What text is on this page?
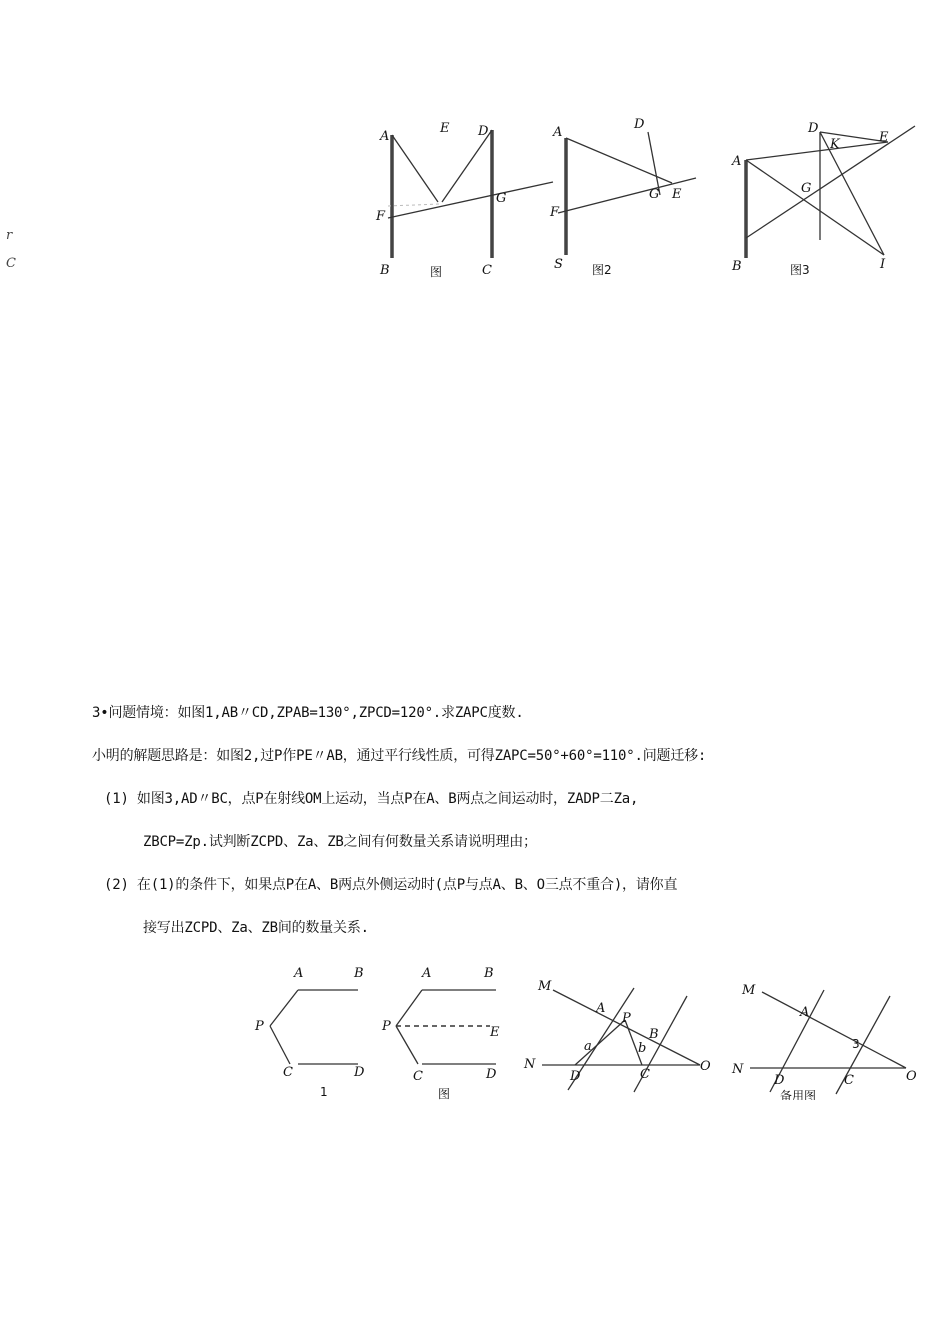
r
C
A
E D
F
G
B	C
图
A
D
F
G E
S 图2
D
K	E
A
G
B	I
图3
3•问题情境：如图1,AB〃CD,ZPAB=130°,ZPCD=120°.求ZAPC度数.
小明的解题思路是：如图2,过P作PE〃AB，通过平行线性质，可得ZAPC=50°+60°=110°.问题迁移:
(1) 如图3,AD〃BC，点P在射线OM上运动，当点P在A、B两点之间运动时，ZADP二Za,
ZBCP=Zp.试判断ZCPD、Za、ZB之间有何数量关系请说明理由；
(2) 在(1)的条件下，如果点P在A、B两点外侧运动时(点P与点A、B、O三点不重合)，请你直
接写出ZCPD、Za、ZB间的数量关系.
A	B
P
C	D
1
A	B
P	E
C	D
图
M
A
P
B
N
a	b
D	C
O
M
A
3
N
D	C	O
备用图
